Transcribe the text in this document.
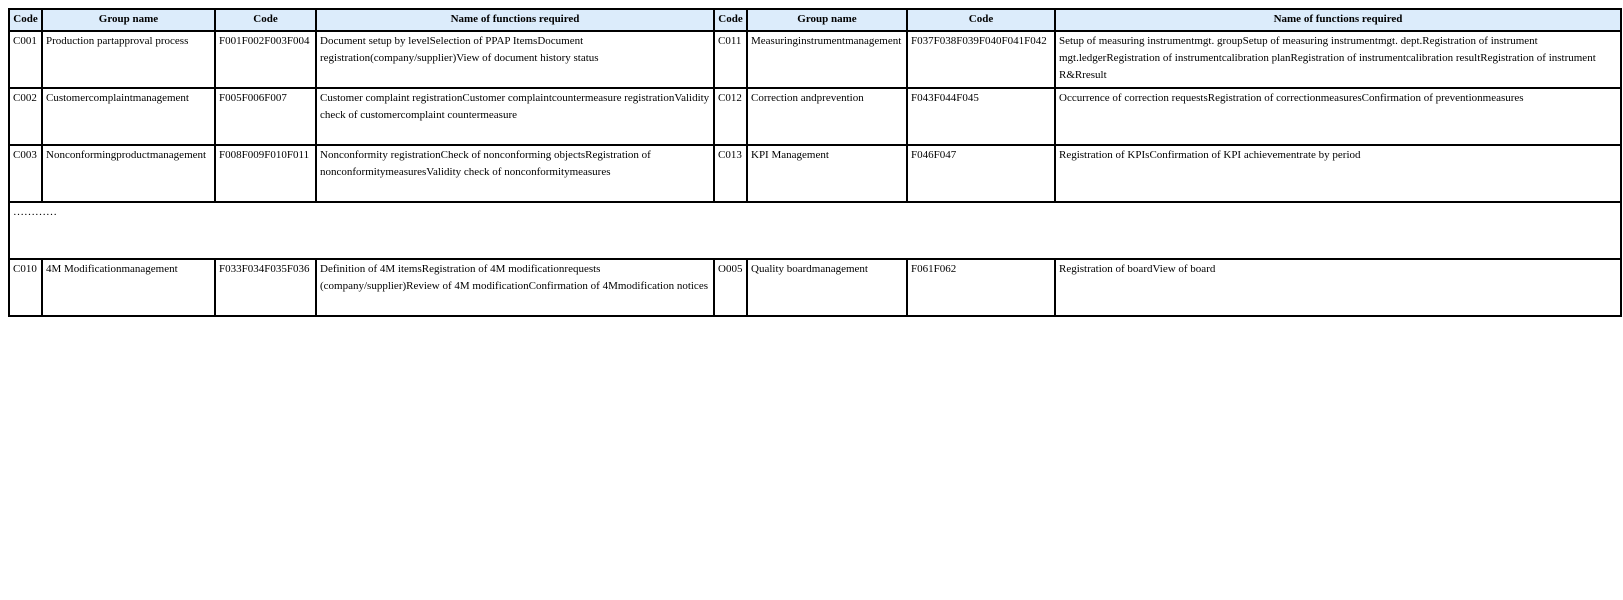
Code	Group name	Code	Name of functions required	Code	Group name	Code	Name of functions required
C001	Production partapproval process	F001F002F003F004	Document setup by levelSelection of PPAP ItemsDocument registration(company/supplier)View of document history status	C011	Measuringinstrumentmanagement	F037F038F039F040F041F042	Setup of measuring instrumentmgt. groupSetup of measuring instrumentmgt. dept.Registration of instrument mgt.ledgerRegistration of instrumentcalibration planRegistration of instrumentcalibration resultRegistration of instrument R&Rresult
C002	Customercomplaintmanagement	F005F006F007	Customer complaint registrationCustomer complaintcountermeasure registrationValidity check of customercomplaint countermeasure	C012	Correction andprevention	F043F044F045	Occurrence of correction requestsRegistration of correctionmeasuresConfirmation of preventionmeasures
C003	Nonconformingproductmanagement	F008F009F010F011	Nonconformity registrationCheck of nonconforming objectsRegistration of nonconformitymeasuresValidity check of nonconformitymeasures	C013	KPI Management	F046F047	Registration of KPIsConfirmation of KPI achievementrate by period
…………							
C010	4M Modificationmanagement	F033F034F035F036	Definition of 4M itemsRegistration of 4M modificationrequests (company/supplier)Review of 4M modificationConfirmation of 4Mmodification notices	O005	Quality boardmanagement	F061F062	Registration of boardView of board
